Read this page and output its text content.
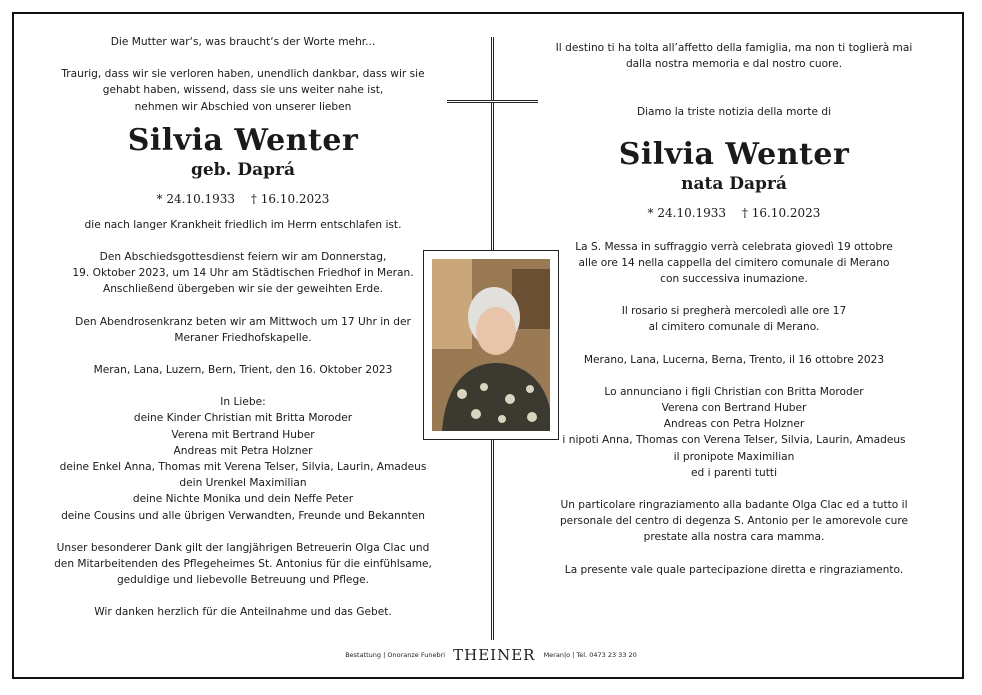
Die Mutter war‘s, was braucht‘s der Worte mehr...

Traurig, dass wir sie verloren haben, unendlich dankbar, dass wir sie

gehabt haben, wissend, dass sie uns weiter nahe ist,

nehmen wir Abschied von unserer lieben

Silvia Wenter

geb. Daprá

* 24.10.1933 † 16.10.2023

die nach langer Krankheit friedlich im Herrn entschlafen ist.

Den Abschiedsgottesdienst feiern wir am Donnerstag,

19. Oktober 2023, um 14 Uhr am Städtischen Friedhof in Meran.

Anschließend übergeben wir sie der geweihten Erde.

Den Abendrosenkranz beten wir am Mittwoch um 17 Uhr in der

Meraner Friedhofskapelle.

Meran, Lana, Luzern, Bern, Trient, den 16. Oktober 2023

In Liebe:

deine Kinder Christian mit Britta Moroder

Verena mit Bertrand Huber

Andreas mit Petra Holzner

deine Enkel Anna, Thomas mit Verena Telser, Silvia, Laurin, Amadeus

dein Urenkel Maximilian

deine Nichte Monika und dein Neffe Peter

deine Cousins und alle übrigen Verwandten, Freunde und Bekannten

Unser besonderer Dank gilt der langjährigen Betreuerin Olga Clac und

den Mitarbeitenden des Pflegeheimes St. Antonius für die einfühlsame,

geduldige und liebevolle Betreuung und Pflege.

Wir danken herzlich für die Anteilnahme und das Gebet.

Il destino ti ha tolta all’affetto della famiglia, ma non ti toglierà mai

dalla nostra memoria e dal nostro cuore.

Diamo la triste notizia della morte di

Silvia Wenter

nata Daprá

* 24.10.1933 † 16.10.2023

La S. Messa in suffraggio verrà celebrata giovedì 19 ottobre

alle ore 14 nella cappella del cimitero comunale di Merano

con successiva inumazione.

Il rosario si pregherà mercoledì alle ore 17

al cimitero comunale di Merano.

Merano, Lana, Lucerna, Berna, Trento, il 16 ottobre 2023

Lo annunciano i figli Christian con Britta Moroder

Verena con Bertrand Huber

Andreas con Petra Holzner

i nipoti Anna, Thomas con Verena Telser, Silvia, Laurin, Amadeus

il pronipote Maximilian

ed i parenti tutti

Un particolare ringraziamento alla badante Olga Clac ed a tutto il

personale del centro di degenza S. Antonio per le amorevole cure

prestate alla nostra cara mamma.

La presente vale quale partecipazione diretta e ringraziamento.

Bestattung | Onoranze Funebri THEINER Meran|o | Tel. 0473 23 33 20
